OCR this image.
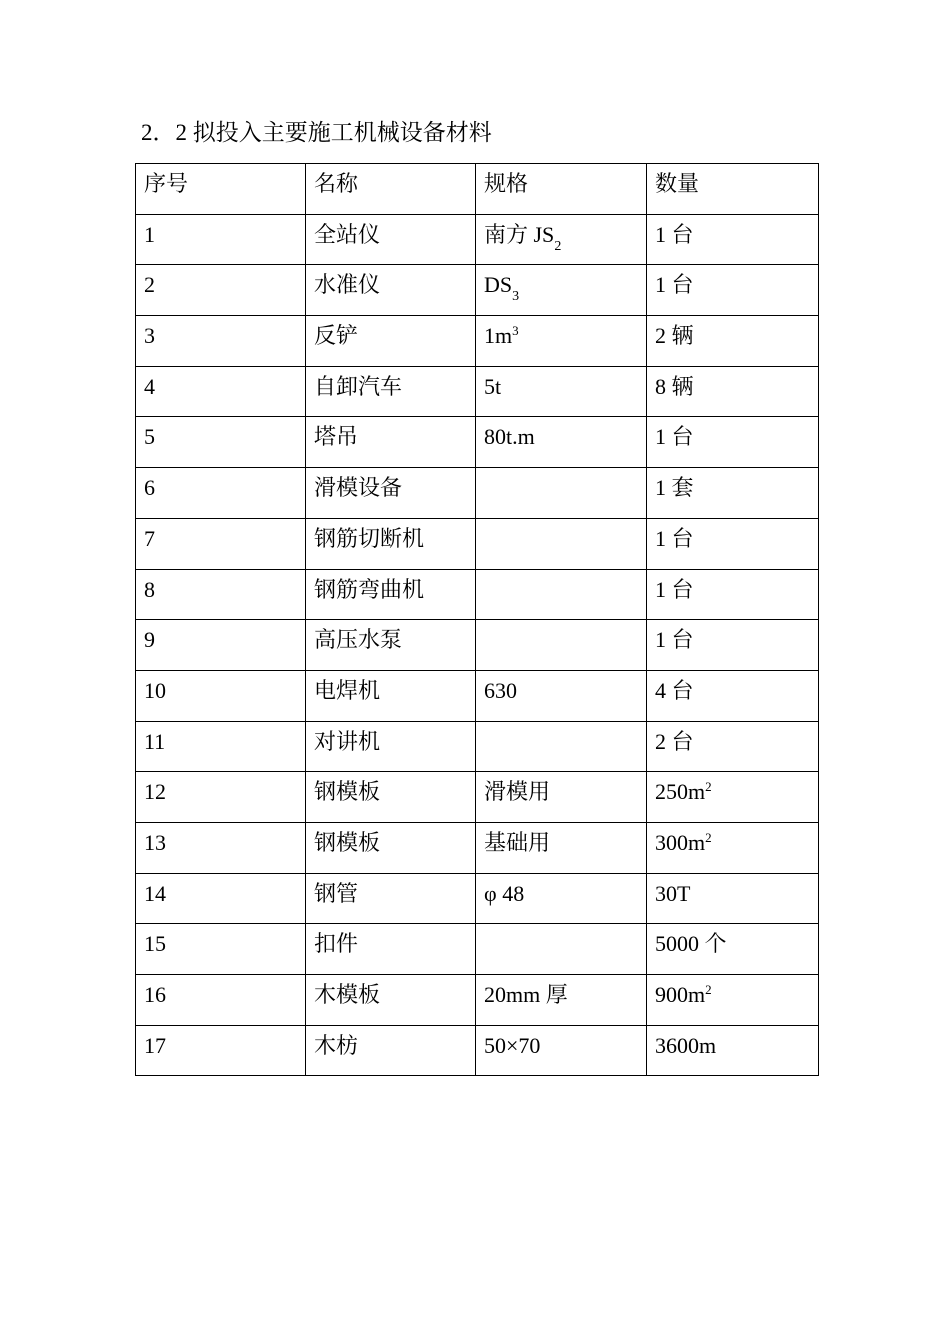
2．2 拟投入主要施工机械设备材料
序号	名称	规格	数量
1	全站仪	南方 $JS_2$	1 台
2	水准仪	$DS_3$	1 台
3	反铲	$1m^3$	2 辆
4	自卸汽车	5t	8 辆
5	塔吊	80t.m	1 台
6	滑模设备		1 套
7	钢筋切断机		1 台
8	钢筋弯曲机		1 台
9	高压水泵		1 台
10	电焊机	630	4 台
11	对讲机		2 台
12	钢模板	滑模用	$250m^2$
13	钢模板	基础用	$300m^2$
14	钢管	φ 48	30T
15	扣件		5000 个
16	木模板	20mm 厚	$900m^2$
17	木枋	50×70	3600m
